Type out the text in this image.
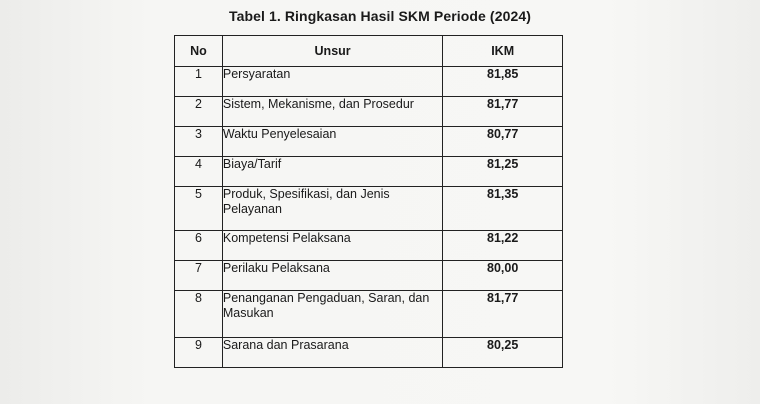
Tabel 1. Ringkasan Hasil SKM Periode (2024)
No	Unsur	IKM
1	Persyaratan	81,85
2	Sistem, Mekanisme, dan Prosedur	81,77
3	Waktu Penyelesaian	80,77
4	Biaya/Tarif	81,25
5	Produk, Spesifikasi, dan Jenis Pelayanan	81,35
6	Kompetensi Pelaksana	81,22
7	Perilaku Pelaksana	80,00
8	Penanganan Pengaduan, Saran, dan Masukan	81,77
9	Sarana dan Prasarana	80,25
